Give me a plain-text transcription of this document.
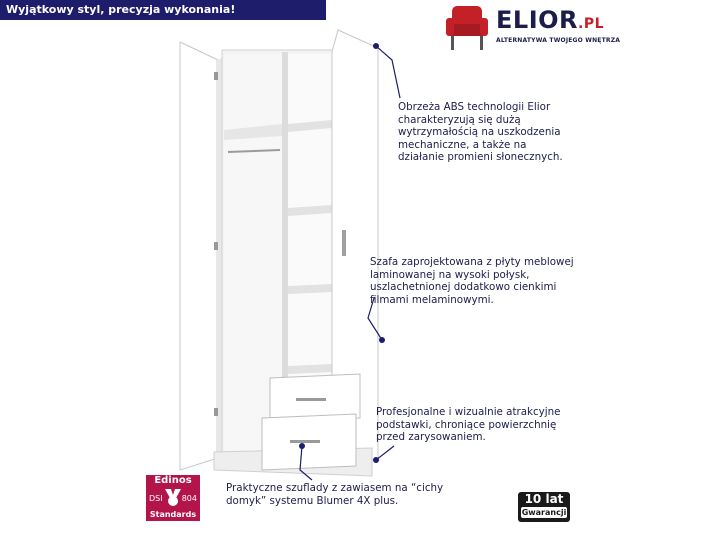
Wyjątkowy styl, precyzja wykonania!	ELIOR.PL
ALTERNATYWA TWOJEGO WNĘTRZA
Obrzeża ABS technologii Elior charakteryzują się dużą wytrzymałością na uszkodzenia mechaniczne, a także na działanie promieni słonecznych.
Szafa zaprojektowana z płyty meblowej laminowanej na wysoki połysk, uszlachetnionej dodatkowo cienkimi filmami melaminowymi.
Profesjonalne i wizualnie atrakcyjne podstawki, chroniące powierzchnię przed zarysowaniem.
Praktyczne szuflady z zawiasem na “cichy domyk” systemu Blumer 4X plus.
Edinos
DSI 804
Standards
10 lat
Gwarancji
